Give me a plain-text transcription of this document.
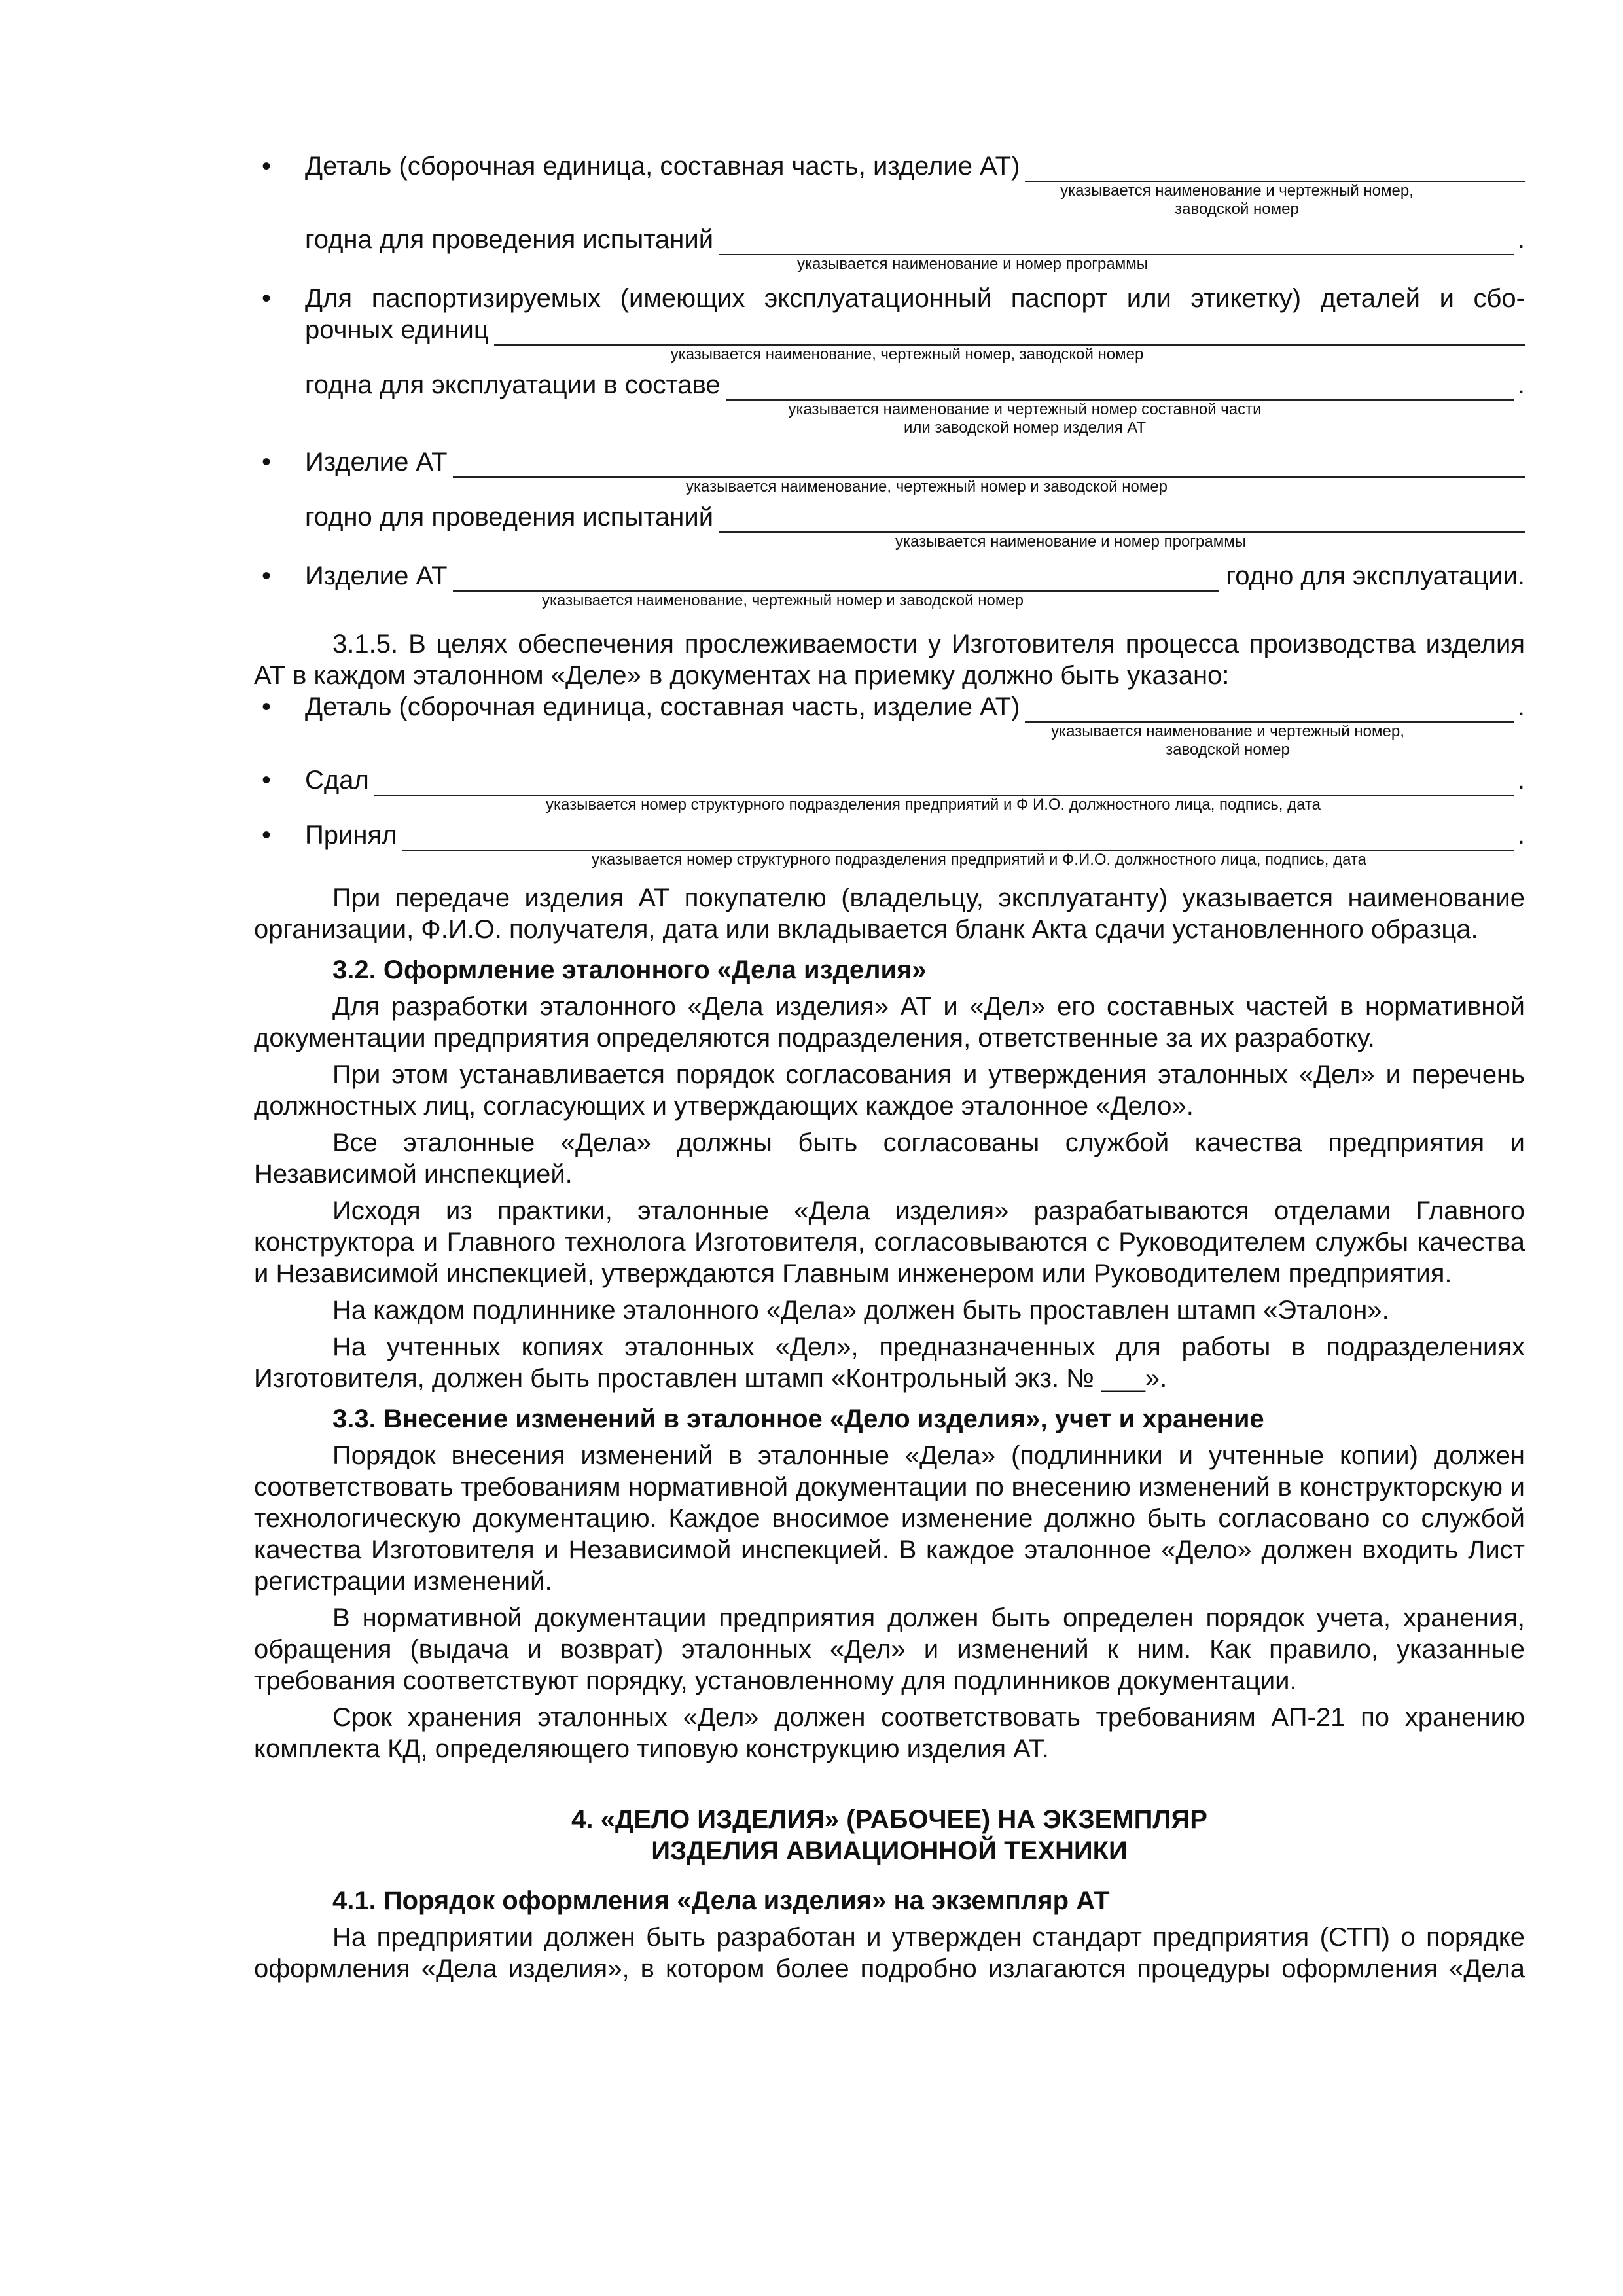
• Деталь (сборочная единица, составная часть, изделие АТ)
указывается наименование и чертежный номер,
заводской номер
годна для проведения испытаний	.
указывается наименование и номер программы
• Для паспортизируемых (имеющих эксплуатационный паспорт или этикетку) деталей и сбо-
рочных единиц
указывается наименование, чертежный номер, заводской номер
годна для эксплуатации в составе	.
указывается наименование и чертежный номер составной части
или заводской номер изделия АТ
• Изделие АТ
указывается наименование, чертежный номер и заводской номер
годно для проведения испытаний
указывается наименование и номер программы
• Изделие АТ	годно для эксплуатации.
указывается наименование, чертежный номер и заводской номер

3.1.5. В целях обеспечения прослеживаемости у Изготовителя процесса производства изделия АТ в каждом эталонном «Деле» в документах на приемку должно быть указано:

• Деталь (сборочная единица, составная часть, изделие АТ)	.
указывается наименование и чертежный номер,
заводской номер
• Сдал	.
указывается номер структурного подразделения предприятий и Ф И.О. должностного лица, подпись, дата
• Принял	.
указывается номер структурного подразделения предприятий и Ф.И.О. должностного лица, подпись, дата

При передаче изделия АТ покупателю (владельцу, эксплуатанту) указывается наименование организации, Ф.И.О. получателя, дата или вкладывается бланк Акта сдачи установленного образца.

3.2. Оформление эталонного «Дела изделия»

Для разработки эталонного «Дела изделия» АТ и «Дел» его составных частей в нормативной документации предприятия определяются подразделения, ответственные за их разработку.

При этом устанавливается порядок согласования и утверждения эталонных «Дел» и перечень должностных лиц, согласующих и утверждающих каждое эталонное «Дело».

Все эталонные «Дела» должны быть согласованы службой качества предприятия и Независимой инспекцией.

Исходя из практики, эталонные «Дела изделия» разрабатываются отделами Главного конструктора и Главного технолога Изготовителя, согласовываются с Руководителем службы качества и Независимой инспекцией, утверждаются Главным инженером или Руководителем предприятия.

На каждом подлиннике эталонного «Дела» должен быть проставлен штамп «Эталон».

На учтенных копиях эталонных «Дел», предназначенных для работы в подразделениях Изготовителя, должен быть проставлен штамп «Контрольный экз. № ___».

3.3. Внесение изменений в эталонное «Дело изделия», учет и хранение

Порядок внесения изменений в эталонные «Дела» (подлинники и учтенные копии) должен соответствовать требованиям нормативной документации по внесению изменений в конструкторскую и технологическую документацию. Каждое вносимое изменение должно быть согласовано со службой качества Изготовителя и Независимой инспекцией. В каждое эталонное «Дело» должен входить Лист регистрации изменений.

В нормативной документации предприятия должен быть определен порядок учета, хранения, обращения (выдача и возврат) эталонных «Дел» и изменений к ним. Как правило, указанные требования соответствуют порядку, установленному для подлинников документации.

Срок хранения эталонных «Дел» должен соответствовать требованиям АП-21 по хранению комплекта КД, определяющего типовую конструкцию изделия АТ.

4. «ДЕЛО ИЗДЕЛИЯ» (РАБОЧЕЕ) НА ЭКЗЕМПЛЯР

ИЗДЕЛИЯ АВИАЦИОННОЙ ТЕХНИКИ

4.1. Порядок оформления «Дела изделия» на экземпляр АТ

На предприятии должен быть разработан и утвержден стандарт предприятия (СТП) о порядке оформления «Дела изделия», в котором более подробно излагаются процедуры оформления «Дела
